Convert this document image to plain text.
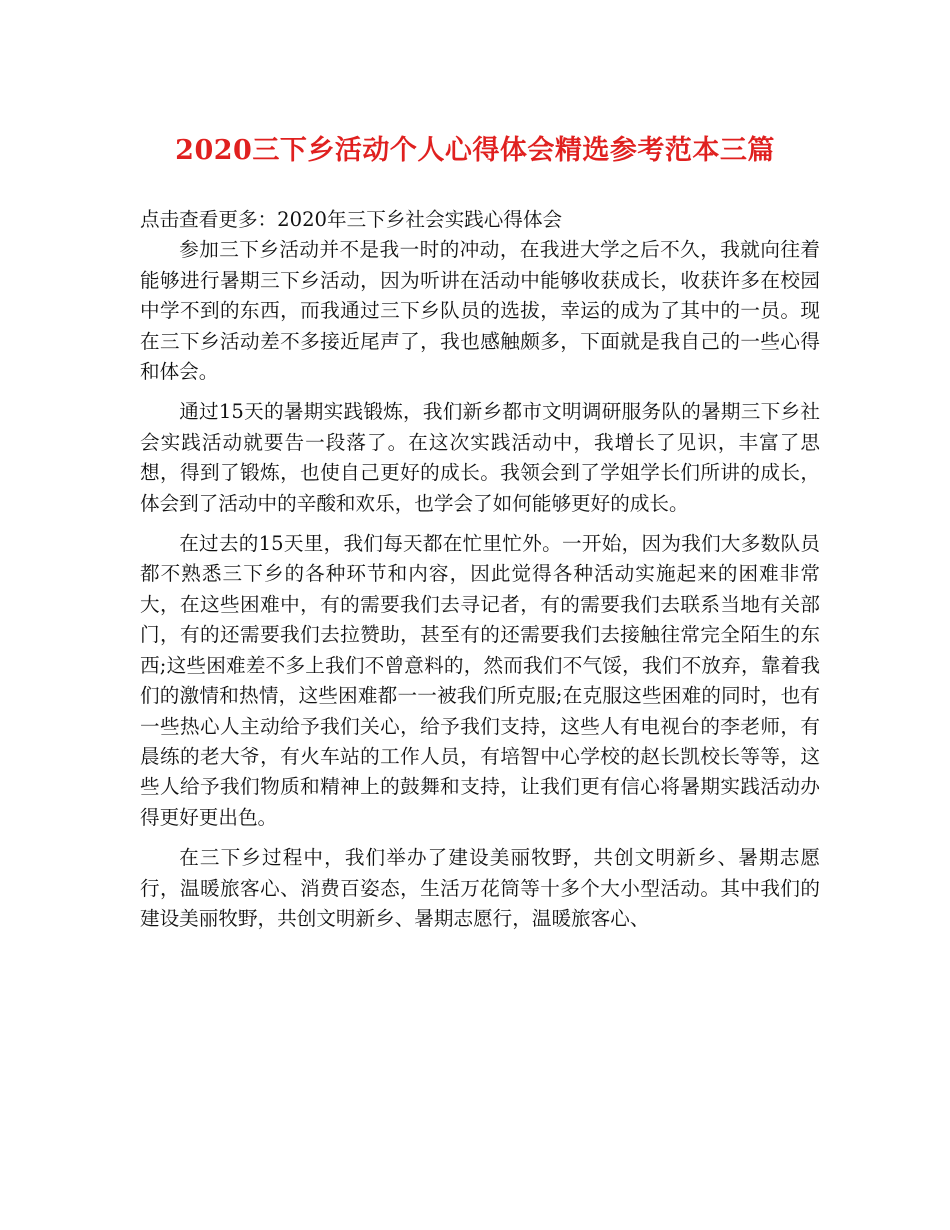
2020三下乡活动个人心得体会精选参考范本三篇

点击查看更多：2020年三下乡社会实践心得体会

参加三下乡活动并不是我一时的冲动，在我进大学之后不久，我就向往着能够进行暑期三下乡活动，因为听讲在活动中能够收获成长，收获许多在校园中学不到的东西，而我通过三下乡队员的选拔，幸运的成为了其中的一员。现在三下乡活动差不多接近尾声了，我也感触颇多，下面就是我自己的一些心得和体会。

通过15天的暑期实践锻炼，我们新乡都市文明调研服务队的暑期三下乡社会实践活动就要告一段落了。在这次实践活动中，我增长了见识，丰富了思想，得到了锻炼，也使自己更好的成长。我领会到了学姐学长们所讲的成长，体会到了活动中的辛酸和欢乐，也学会了如何能够更好的成长。

在过去的15天里，我们每天都在忙里忙外。一开始，因为我们大多数队员都不熟悉三下乡的各种环节和内容，因此觉得各种活动实施起来的困难非常大，在这些困难中，有的需要我们去寻记者，有的需要我们去联系当地有关部门，有的还需要我们去拉赞助，甚至有的还需要我们去接触往常完全陌生的东西;这些困难差不多上我们不曾意料的，然而我们不气馁，我们不放弃，靠着我们的激情和热情，这些困难都一一被我们所克服;在克服这些困难的同时，也有一些热心人主动给予我们关心，给予我们支持，这些人有电视台的李老师，有晨练的老大爷，有火车站的工作人员，有培智中心学校的赵长凯校长等等，这些人给予我们物质和精神上的鼓舞和支持，让我们更有信心将暑期实践活动办得更好更出色。

在三下乡过程中，我们举办了建设美丽牧野，共创文明新乡、暑期志愿行，温暖旅客心、消费百姿态，生活万花筒等十多个大小型活动。其中我们的建设美丽牧野，共创文明新乡、暑期志愿行，温暖旅客心、
